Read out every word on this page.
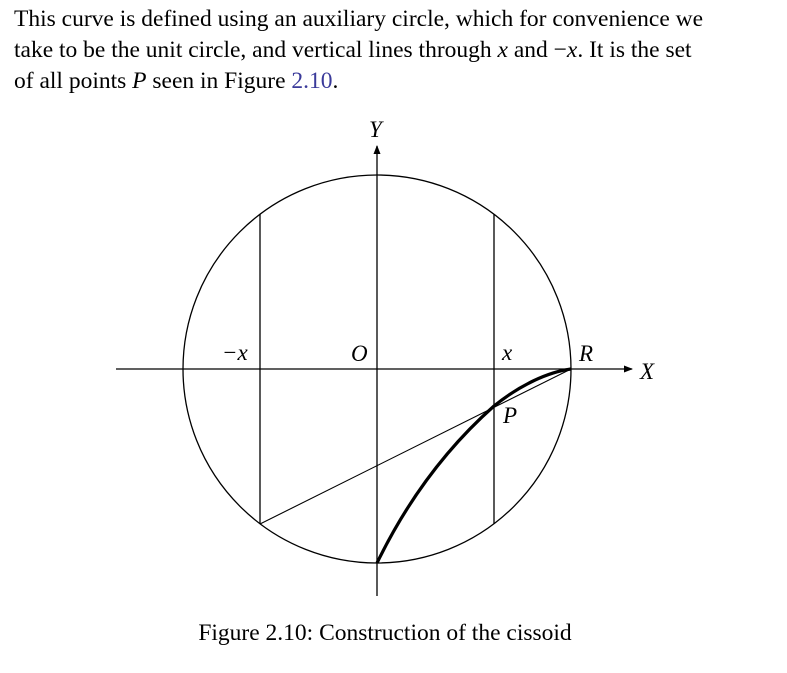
This curve is defined using an auxiliary circle, which for convenience we
take to be the unit circle, and vertical lines through x and −x. It is the set
of all points P seen in Figure 2.10.

Y
X
O
−x	x	R
P

Figure 2.10: Construction of the cissoid
